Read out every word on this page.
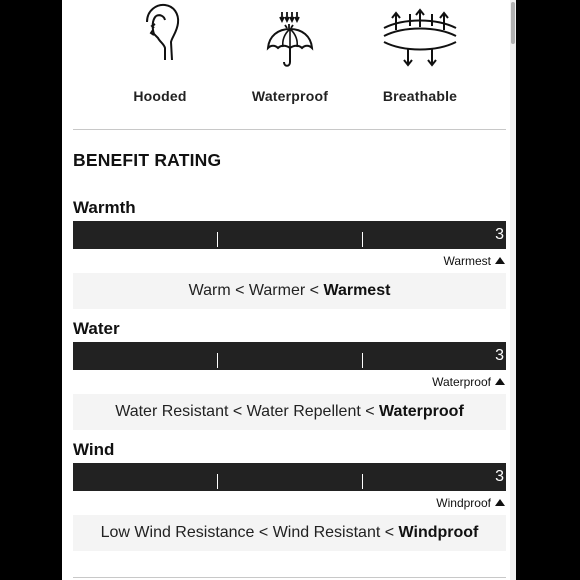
Hooded	Waterproof	Breathable
BENEFIT RATING
Warmth
3
Warmest
Warm < Warmer < Warmest
Water
3
Waterproof
Water Resistant < Water Repellent < Waterproof
Wind
3
Windproof
Low Wind Resistance < Wind Resistant < Windproof
